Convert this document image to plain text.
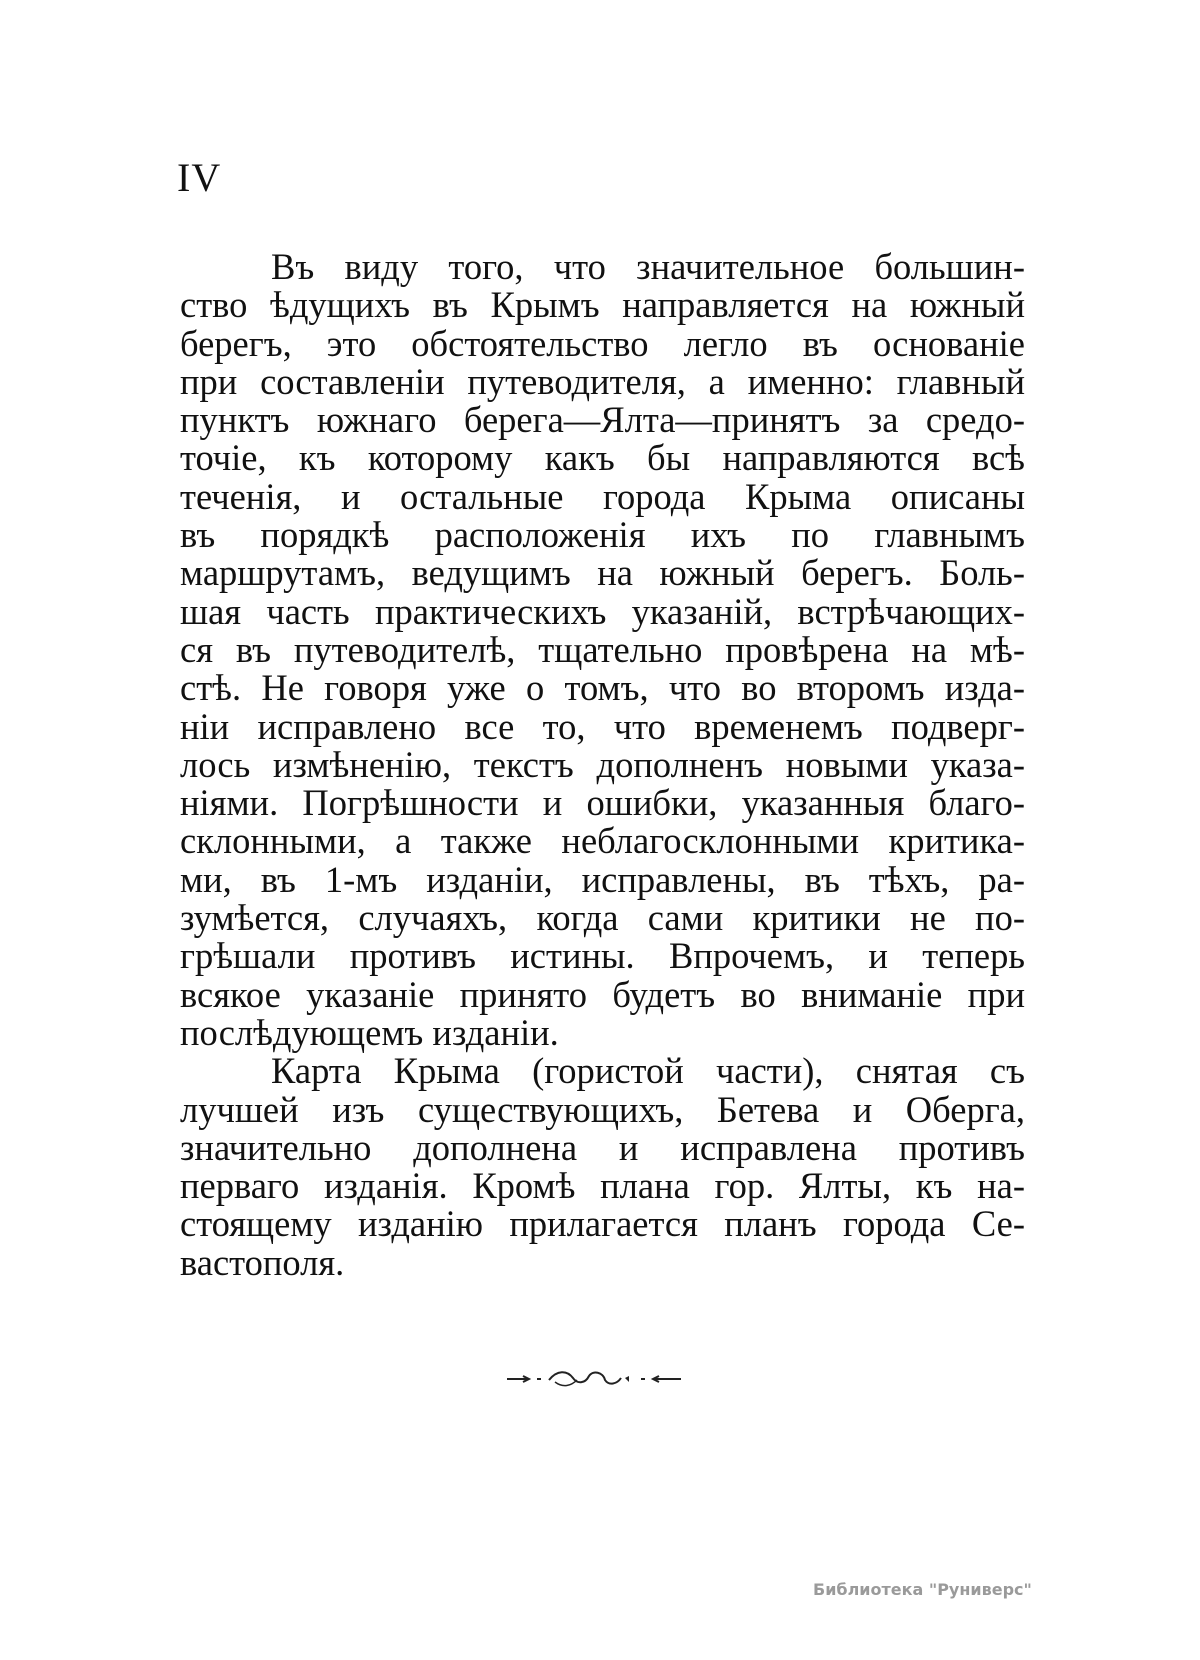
IV
Въ виду того, что значительное большин-
ство ѣдущихъ въ Крымъ направляется на южный
берегъ, это обстоятельство легло въ основаніе
при составленіи путеводителя, а именно: главный
пунктъ южнаго берега—Ялта—принятъ за средо-
точіе, къ которому какъ бы направляются всѣ
теченія, и остальные города Крыма описаны
въ порядкѣ расположенія ихъ по главнымъ
маршрутамъ, ведущимъ на южный берегъ. Боль-
шая часть практическихъ указаній, встрѣчающих-
ся въ путеводителѣ, тщательно провѣрена на мѣ-
стѣ. Не говоря уже о томъ, что во второмъ изда-
ніи исправлено все то, что временемъ подверг-
лось измѣненію, текстъ дополненъ новыми указа-
ніями. Погрѣшности и ошибки, указанныя благо-
склонными, а также неблагосклонными критика-
ми, въ 1-мъ изданіи, исправлены, въ тѣхъ, ра-
зумѣется, случаяхъ, когда сами критики не по-
грѣшали противъ истины. Впрочемъ, и теперь
всякое указаніе принято будетъ во вниманіе при
послѣдующемъ изданіи.
Карта Крыма (гористой части), снятая съ
лучшей изъ существующихъ, Бетева и Оберга,
значительно дополнена и исправлена противъ
перваго изданія. Кромѣ плана гор. Ялты, къ на-
стоящему изданію прилагается планъ города Се-
вастополя.
Библиотека "Руниверс"
